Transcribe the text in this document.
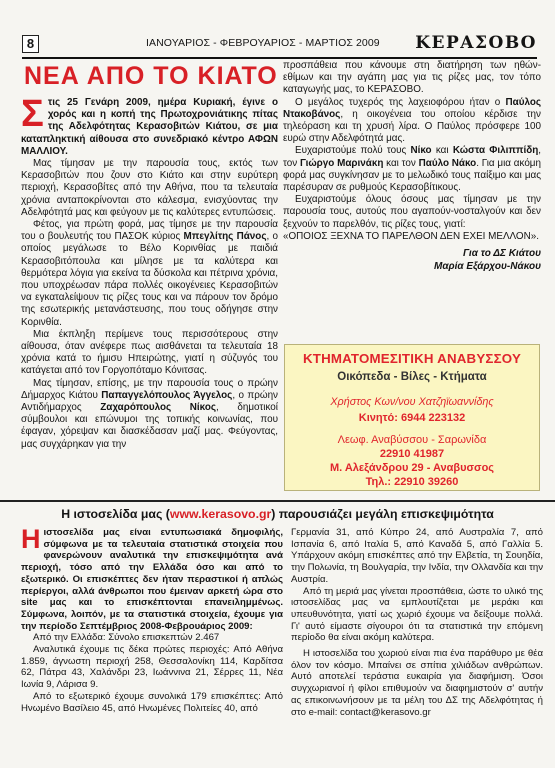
8	ΙΑΝΟΥΑΡΙΟΣ - ΦΕΒΡΟΥΑΡΙΟΣ - ΜΑΡΤΙΟΣ 2009 ΚΕΡΑΣΟΒΟ
ΝΕΑ ΑΠΟ ΤΟ ΚΙΑΤΟ
Σ τις 25 Γενάρη 2009, ημέρα Κυριακή, έγινε ο χορός και η κοπή της Πρωτοχρονιάτικης πίτας της Αδελφότητας Κερασοβιτών Κιάτου, σε μια καταπληκτική αίθουσα στο συνεδριακό κέντρο ΑΦΩΝ ΜΑΛΛΙΟΥ.

Μας τίμησαν με την παρουσία τους, εκτός των Κερασοβιτών που ζουν στο Κιάτο και στην ευρύτερη περιοχή, Κερασοβίτες από την Αθήνα, που τα τελευταία χρόνια ανταποκρίνονται στο κάλεσμα, ενισχύοντας την Αδελφότητά μας και φεύγουν με τις καλύτερες εντυπώσεις.

Φέτος, για πρώτη φορά, μας τίμησε με την παρουσία του ο βουλευτής του ΠΑΣΟΚ κύριος Μπεγλίτης Πάνος, ο οποίος μεγάλωσε το Βέλο Κορινθίας με παιδιά Κερασοβιτόπουλα και μίλησε με τα καλύτερα και θερμότερα λόγια για εκείνα τα δύσκολα και πέτρινα χρόνια, που υποχρέωσαν πάρα πολλές οικογένειες Κερασοβιτών να εγκαταλείψουν τις ρίζες τους και να πάρουν τον δρόμο της εσωτερικής μετανάστευσης, που τους οδήγησε στην Κορινθία.

Μια έκπληξη περίμενε τους περισσότερους στην αίθουσα, όταν ανέφερε πως αισθάνεται τα τελευταία 18 χρόνια κατά το ήμισυ Ηπειρώτης, γιατί η σύζυγός του κατάγεται από τον Γοργοπόταμο Κόνιτσας.

Μας τίμησαν, επίσης, με την παρουσία τους ο πρώην Δήμαρχος Κιάτου Παπαγγελόπουλος Άγγελος, ο πρώην Αντιδήμαρχος Ζαχαρόπουλος Νίκος, δημοτικοί σύμβουλοι και επώνυμοι της τοπικής κοινωνίας, που έφαγαν, χόρεψαν και διασκέδασαν μαζί μας. Φεύγοντας, μας συγχάρηκαν για την

προσπάθεια που κάνουμε στη διατήρηση των ηθών-εθίμων και την αγάπη μας για τις ρίζες μας, τον τόπο καταγωγής μας, το ΚΕΡΑΣΟΒΟ.

Ο μεγάλος τυχερός της λαχειοφόρου ήταν ο Παύλος Ντακοβάνος, η οικογένεια του οποίου κέρδισε την τηλεόραση και τη χρυσή λίρα. Ο Παύλος πρόσφερε 100 ευρώ στην Αδελφότητά μας.

Ευχαριστούμε πολύ τους Νίκο και Κώστα Φιλιππίδη, τον Γιώργο Μαρινάκη και τον Παύλο Νάκο. Για μια ακόμη φορά μας συγκίνησαν με το μελωδικό τους παίξιμο και μας παρέσυραν σε ρυθμούς Κερασοβίτικους.

Ευχαριστούμε όλους όσους μας τίμησαν με την παρουσία τους, αυτούς που αγαπούν-νοσταλγούν και δεν ξεχνούν το παρελθόν, τις ρίζες τους, γιατί:

«ΟΠΟΙΟΣ ΞΕΧΝΑ ΤΟ ΠΑΡΕΛΘΟΝ ΔΕΝ ΕΧΕΙ ΜΕΛΛΟΝ».

Για το ΔΣ Κιάτου
Μαρία Εξάρχου-Νάκου
ΚΤΗΜΑΤΟΜΕΣΙΤΙΚΗ ΑΝΑΒΥΣΣΟΥ
Οικόπεδα - Βίλες - Κτήματα
Χρήστος Κων/νου Χατζηϊωαννίδης
Κινητό: 6944 223132
Λεωφ. Αναβύσσου - Σαρωνίδα
22910 41987
Μ. Αλεξάνδρου 29 - Αναβυσσος
Τηλ.: 22910 39260
Η ιστοσελίδα μας (www.kerasovo.gr) παρουσιάζει μεγάλη επισκεψιμότητα
Η ιστοσελίδα μας είναι εντυπωσιακά δημοφιλής, σύμφωνα με τα τελευταία στατιστικά στοιχεία που φανερώνουν αναλυτικά την επισκεψιμότητα ανά περιοχή, τόσο από την Ελλάδα όσο και από το εξωτερικό. Οι επισκέπτες δεν ήταν περαστικοί ή απλώς περίεργοι, αλλά άνθρωποι που έμειναν αρκετή ώρα στο site μας και το επισκέπτονται επανειλημμένως. Σύμφωνα, λοιπόν, με τα στατιστικά στοιχεία, έχουμε για την περίοδο Σεπτέμβριος 2008-Φεβρουάριος 2009:

Από την Ελλάδα: Σύνολο επισκεπτών 2.467

Αναλυτικά έχουμε τις δέκα πρώτες περιοχές: Από Αθήνα 1.859, άγνωστη περιοχή 258, Θεσσαλονίκη 114, Καρδίτσα 62, Πάτρα 43, Χαλάνδρι 23, Ιωάννινα 21, Σέρρες 11, Νέα Ιωνία 9, Λάρισα 9.

Από το εξωτερικό έχουμε συνολικά 179 επισκέπτες: Από Ηνωμένο Βασίλειο 45, από Ηνωμένες Πολιτείες 40, από

Γερμανία 31, από Κύπρο 24, από Αυστραλία 7, από Ισπανία 6, από Ιταλία 5, από Καναδά 5, από Γαλλία 5. Υπάρχουν ακόμη επισκέπτες από την Ελβετία, τη Σουηδία, την Πολωνία, τη Βουλγαρία, την Ινδία, την Ολλανδία και την Αυστρία.

Από τη μεριά μας γίνεται προσπάθεια, ώστε το υλικό της ιστοσελίδας μας να εμπλουτίζεται με μεράκι και υπευθυνότητα, γιατί ως χωριό έχουμε να δείξουμε πολλά. Γι' αυτό είμαστε σίγουροι ότι τα στατιστικά την επόμενη περίοδο θα είναι ακόμη καλύτερα.

Η ιστοσελίδα του χωριού είναι πια ένα παράθυρο με θέα όλον τον κόσμο. Μπαίνει σε σπίτια χιλιάδων ανθρώπων. Αυτό αποτελεί τεράστια ευκαιρία για διαφήμιση. Όσοι συγχωριανοί ή φίλοι επιθυμούν να διαφημιστούν σ' αυτήν ας επικοινωνήσουν με τα μέλη του ΔΣ της Αδελφότητας ή στο e-mail: contact@kerasovo.gr
